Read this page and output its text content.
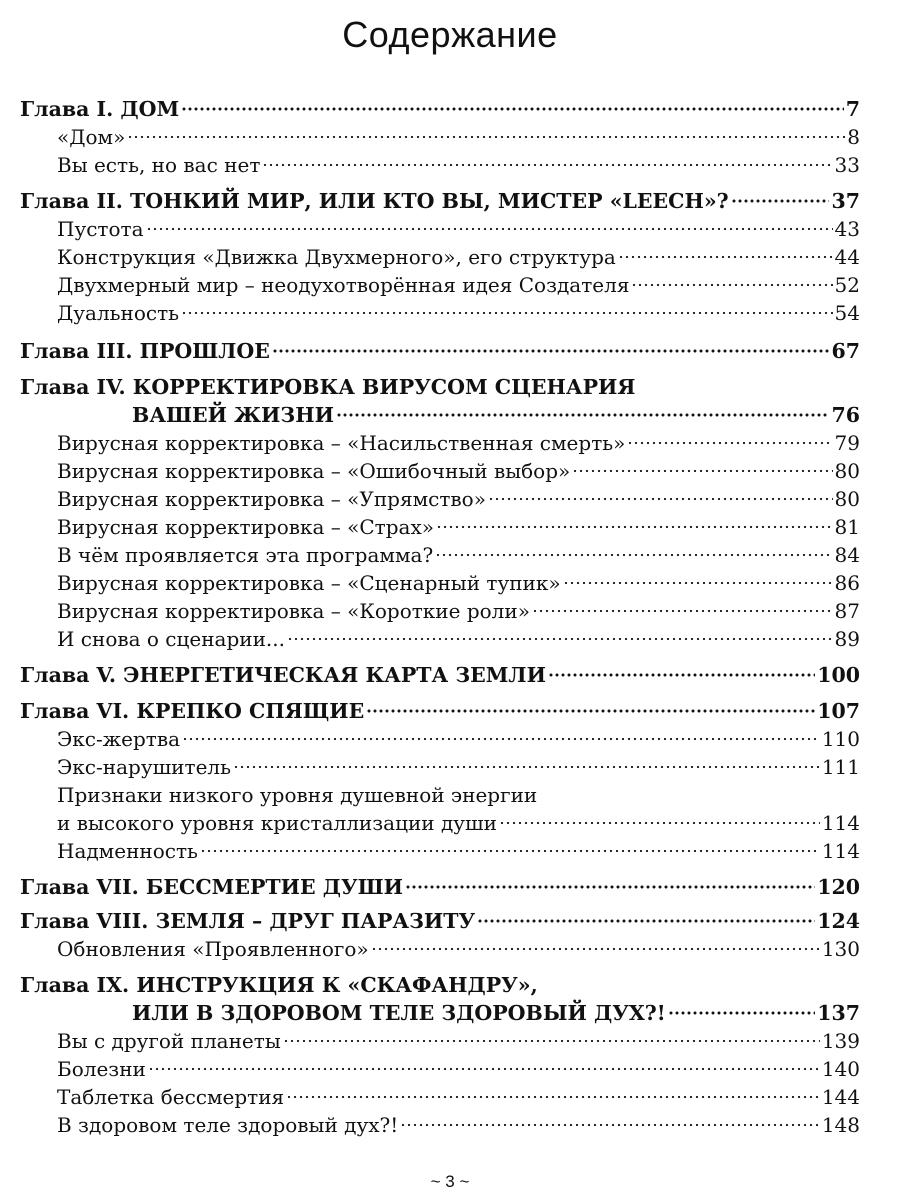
Содержание
Глава I. ДОМ	7
«Дом»	8
Вы есть, но вас нет	33
Глава II. ТОНКИЙ МИР, ИЛИ КТО ВЫ, МИСТЕР «LEECH»?	37
Пустота	43
Конструкция «Движка Двухмерного», его структура	44
Двухмерный мир – неодухотворённая идея Создателя	52
Дуальность	54
Глава III. ПРОШЛОЕ	67
Глава IV. КОРРЕКТИРОВКА ВИРУСОМ СЦЕНАРИЯ
ВАШЕЙ ЖИЗНИ	76
Вирусная корректировка – «Насильственная смерть»	79
Вирусная корректировка – «Ошибочный выбор»	80
Вирусная корректировка – «Упрямство»	80
Вирусная корректировка – «Страх»	81
В чём проявляется эта программа?	84
Вирусная корректировка – «Сценарный тупик»	86
Вирусная корректировка – «Короткие роли»	87
И снова о сценарии...	89
Глава V. ЭНЕРГЕТИЧЕСКАЯ КАРТА ЗЕМЛИ	100
Глава VI. КРЕПКО СПЯЩИЕ	107
Экс-жертва	110
Экс-нарушитель	111
Признаки низкого уровня душевной энергии
и высокого уровня кристаллизации души	114
Надменность	114
Глава VII. БЕССМЕРТИЕ ДУШИ	120
Глава VIII. ЗЕМЛЯ – ДРУГ ПАРАЗИТУ	124
Обновления «Проявленного»	130
Глава IX. ИНСТРУКЦИЯ К «СКАФАНДРУ»,
ИЛИ В ЗДОРОВОМ ТЕЛЕ ЗДОРОВЫЙ ДУХ?!	137
Вы с другой планеты	139
Болезни	140
Таблетка бессмертия	144
В здоровом теле здоровый дух?!	148
~ 3 ~
